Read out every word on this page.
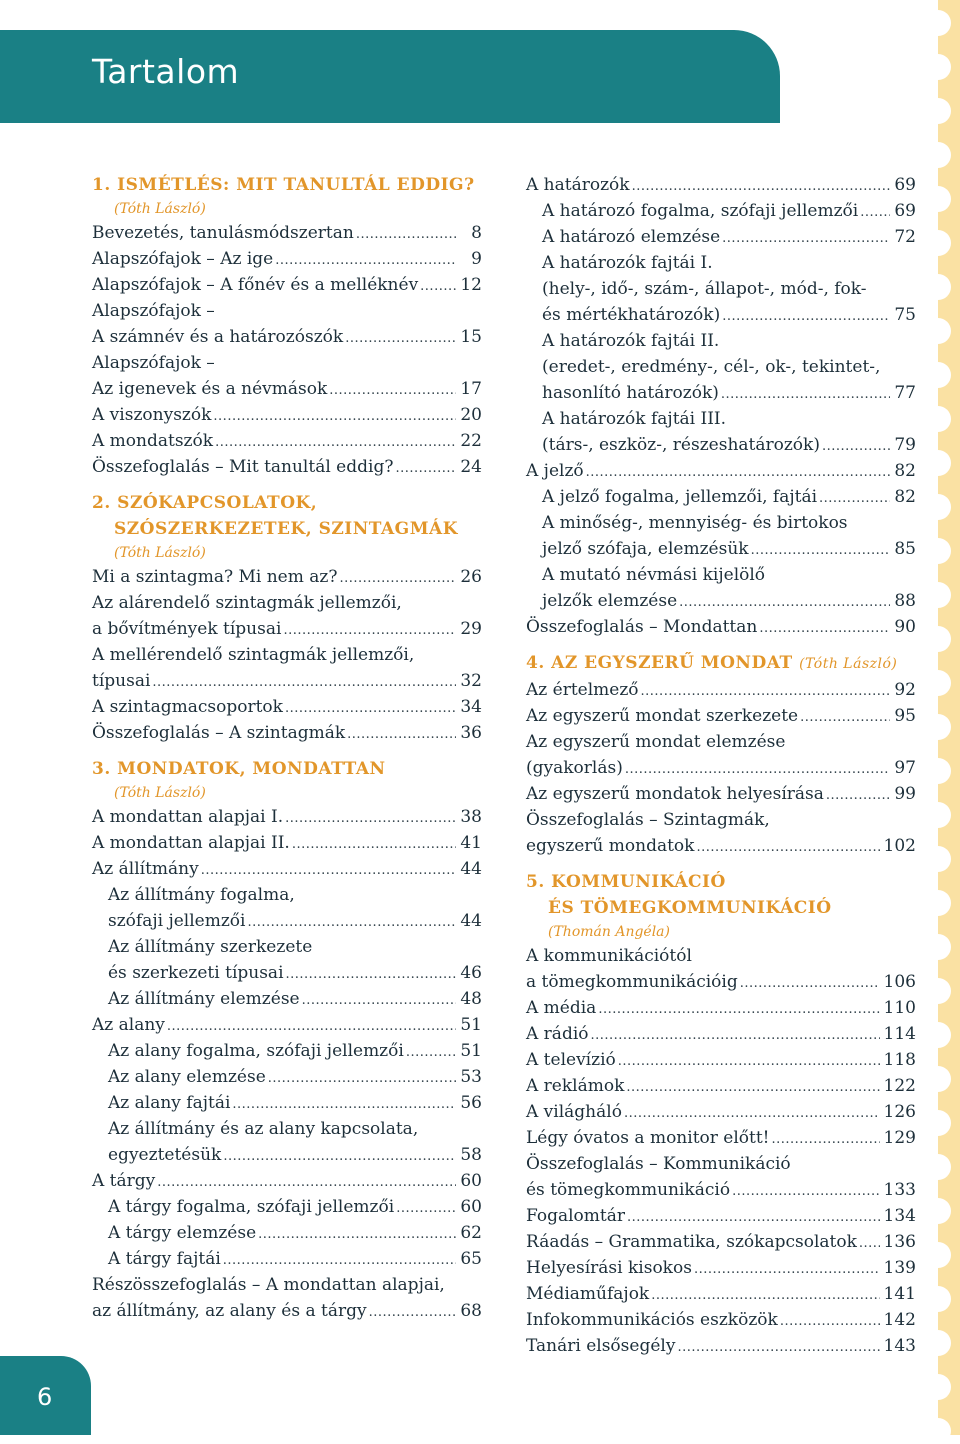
Tartalom
1. ISMÉTLÉS: MIT TANULTÁL EDDIG?
(Tóth László)
Bevezetés, tanulásmódszertan .....	8
Alapszófajok – Az ige .....	9
Alapszófajok – A főnév és a melléknév ..... 12
Alapszófajok –
A számnév és a határozószók .....	15
Alapszófajok –
Az igenevek és a névmások .....	17
A viszonyszók .....	20
A mondatszók .....	22
Összefoglalás – Mit tanultál eddig? .....	24
2. SZÓKAPCSOLATOK,
SZÓSZERKEZETEK, SZINTAGMÁK
(Tóth László)
Mi a szintagma? Mi nem az? .....	26
Az alárendelő szintagmák jellemzői,
a bővítmények típusai .....	29
A mellérendelő szintagmák jellemzői,
típusai .....	32
A szintagmacsoportok .....	34
Összefoglalás – A szintagmák .....	36
3. MONDATOK, MONDATTAN
(Tóth László)
A mondattan alapjai I. .....	38
A mondattan alapjai II. .....	41
Az állítmány .....	44
Az állítmány fogalma,
szófaji jellemzői .....	44
Az állítmány szerkezete
és szerkezeti típusai .....	46
Az állítmány elemzése .....	48
Az alany .....	51
Az alany fogalma, szófaji jellemzői .....	51
Az alany elemzése .....	53
Az alany fajtái .....	56
Az állítmány és az alany kapcsolata,
egyeztetésük .....	58
A tárgy .....	60
A tárgy fogalma, szófaji jellemzői .....	60
A tárgy elemzése .....	62
A tárgy fajtái .....	65
Részösszefoglalás – A mondattan alapjai,
az állítmány, az alany és a tárgy .....	68
A határozók .....	69
A határozó fogalma, szófaji jellemzői ..... 69
A határozó elemzése .....	72
A határozók fajtái I.
(hely-, idő-, szám-, állapot-, mód-, fok-
és mértékhatározók) .....	75
A határozók fajtái II.
(eredet-, eredmény-, cél-, ok-, tekintet-,
hasonlító határozók) .....	77
A határozók fajtái III.
(társ-, eszköz-, részeshatározók) .....	79
A jelző .....	82
A jelző fogalma, jellemzői, fajtái .....	82
A minőség-, mennyiség- és birtokos
jelző szófaja, elemzésük .....	85
A mutató névmási kijelölő
jelzők elemzése .....	88
Összefoglalás – Mondattan .....	90
4. AZ EGYSZERŰ MONDAT (Tóth László)
Az értelmező .....	92
Az egyszerű mondat szerkezete .....	95
Az egyszerű mondat elemzése
(gyakorlás) .....	97
Az egyszerű mondatok helyesírása .....	99
Összefoglalás – Szintagmák,
egyszerű mondatok .....	102
5. KOMMUNIKÁCIÓ
ÉS TÖMEGKOMMUNIKÁCIÓ
(Thomán Angéla)
A kommunikációtól
a tömegkommunikációig .....	106
A média .....	110
A rádió .....	114
A televízió .....	118
A reklámok .....	122
A világháló .....	126
Légy óvatos a monitor előtt! .....	129
Összefoglalás – Kommunikáció
és tömegkommunikáció .....	133
Fogalomtár .....	134
Ráadás – Grammatika, szókapcsolatok ..... 136
Helyesírási kisokos .....	139
Médiaműfajok .....	141
Infokommunikációs eszközök .....	142
Tanári elsősegély .....	143
6
